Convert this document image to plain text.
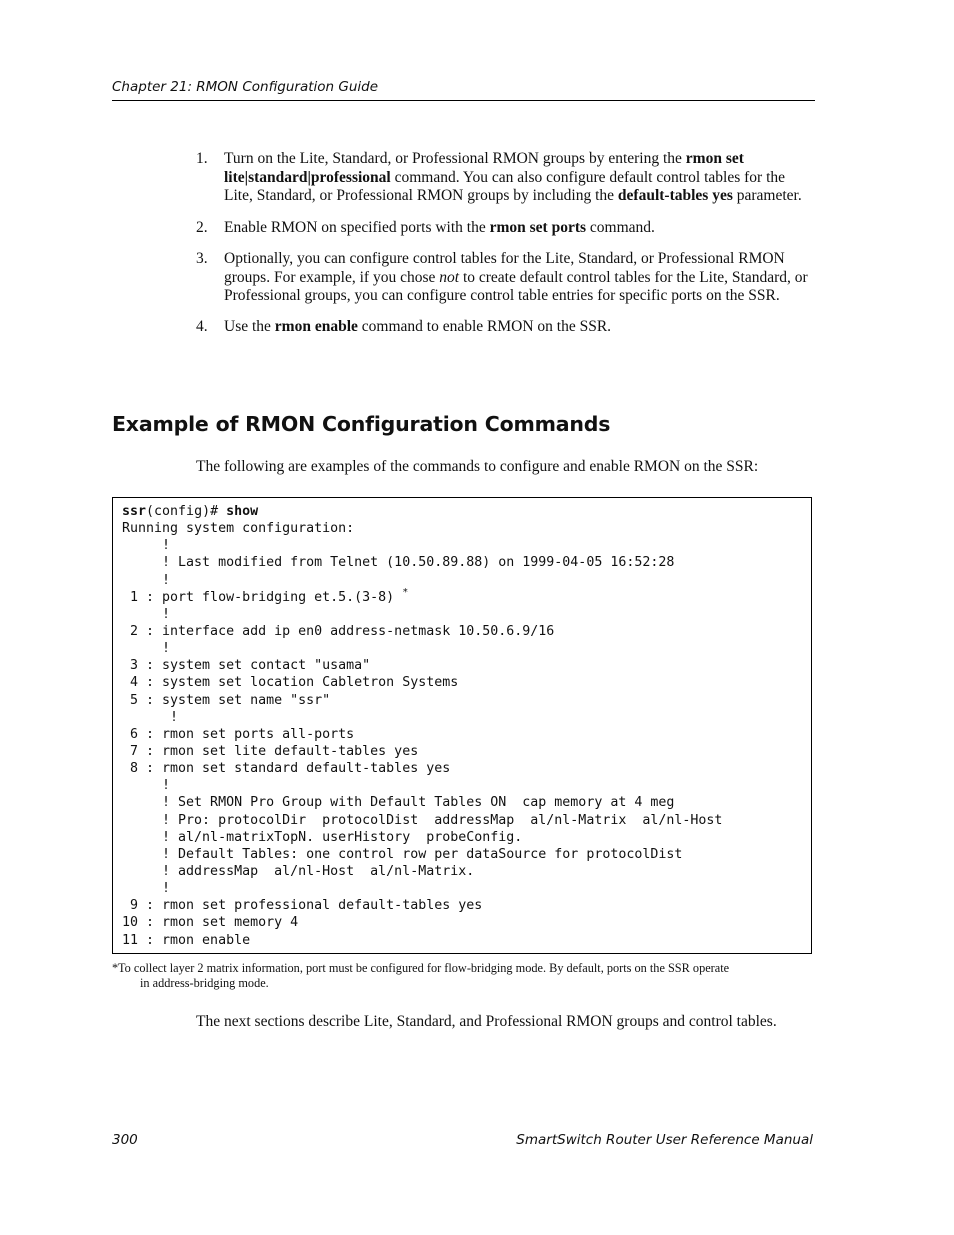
Chapter 21: RMON Configuration Guide
1. Turn on the Lite, Standard, or Professional RMON groups by entering the rmon set lite|standard|professional command. You can also configure default control tables for the Lite, Standard, or Professional RMON groups by including the default-tables yes parameter.
2. Enable RMON on specified ports with the rmon set ports command.
3. Optionally, you can configure control tables for the Lite, Standard, or Professional RMON groups. For example, if you chose not to create default control tables for the Lite, Standard, or Professional groups, you can configure control table entries for specific ports on the SSR.
4. Use the rmon enable command to enable RMON on the SSR.
Example of RMON Configuration Commands

The following are examples of the commands to configure and enable RMON on the SSR:

ssr(config)# show
Running system configuration:
!
! Last modified from Telnet (10.50.89.88) on 1999-04-05 16:52:28
!
1 : port flow-bridging et.5.(3-8) *
!
2 : interface add ip en0 address-netmask 10.50.6.9/16
!
3 : system set contact "usama"
4 : system set location Cabletron Systems
5 : system set name "ssr"
!
6 : rmon set ports all-ports
7 : rmon set lite default-tables yes
8 : rmon set standard default-tables yes
!
! Set RMON Pro Group with Default Tables ON  cap memory at 4 meg
! Pro: protocolDir  protocolDist  addressMap  al/nl-Matrix  al/nl-Host
! al/nl-matrixTopN. userHistory  probeConfig.
! Default Tables: one control row per dataSource for protocolDist
! addressMap  al/nl-Host  al/nl-Matrix.
!
9 : rmon set professional default-tables yes
10 : rmon set memory 4
11 : rmon enable
*To collect layer 2 matrix information, port must be configured for flow-bridging mode. By default, ports on the SSR operate
in address-bridging mode.

The next sections describe Lite, Standard, and Professional RMON groups and control tables.

300	SmartSwitch Router User Reference Manual
